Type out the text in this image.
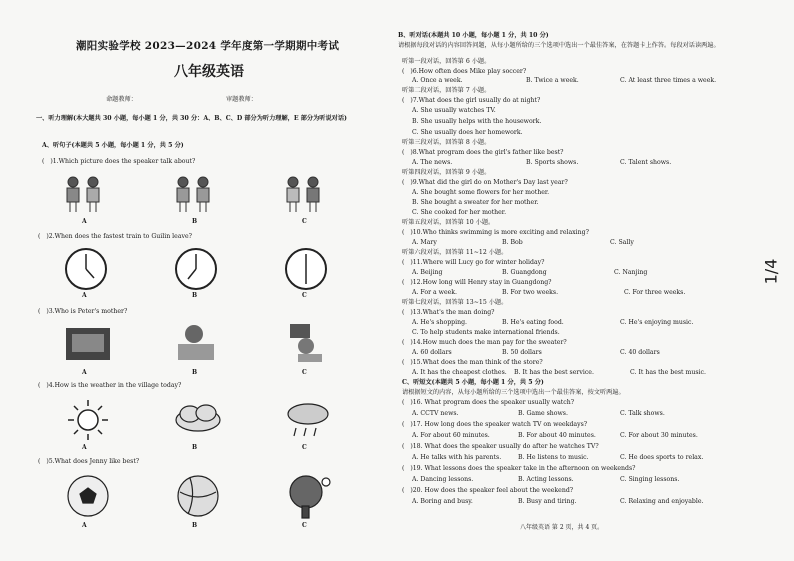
潮阳实验学校 2023—2024 学年度第一学期期中考试
八年级英语
命题教师：	审题教师：
一、听力理解(本大题共 30 小题，每小题 1 分，共 30 分：A、B、C、D 部分为听力理解，E 部分为听说对话)
A、听句子(本题共 5 小题，每小题 1 分，共 5 分)
(   )1.Which picture does the speaker talk about?
A	B	C
(   )2.When does the fastest train to Guilin leave?
A	B	C
(   )3.Who is Peter's mother?
A	B	C
(   )4.How is the weather in the village today?
A	B	C
(   )5.What does Jenny like best?
A	B	C
B、听对话(本题共 10 小题，每小题 1 分，共 10 分)
请根据每段对话的内容回答问题，从每小题所给的三个选项中选出一个最佳答案，在答题卡上作答。每段对话读两遍。
听第一段对话，回答第 6 小题。
(   )6.How often does Mike play soccer?
A. Once a week.	B. Twice a week.	C. At least three times a week.
听第二段对话，回答第 7 小题。
(   )7.What does the girl usually do at night?
A. She usually watches TV.
B. She usually helps with the housework.
C. She usually does her homework.
听第三段对话，回答第 8 小题。
(   )8.What program does the girl's father like best?
A. The news.	B. Sports shows.	C. Talent shows.
听第四段对话，回答第 9 小题。
(   )9.What did the girl do on Mother's Day last year?
A. She bought some flowers for her mother.
B. She bought a sweater for her mother.
C. She cooked for her mother.
听第五段对话，回答第 10 小题。
(   )10.Who thinks swimming is more exciting and relaxing?
A. Mary	B. Bob	C. Sally
听第六段对话，回答第 11~12 小题。
(   )11.Where will Lucy go for winter holiday?
A. Beijing	B. Guangdong	C. Nanjing
(   )12.How long will Henry stay in Guangdong?
A. For a week.	B. For two weeks.	C. For three weeks.
听第七段对话，回答第 13~15 小题。
(   )13.What's the man doing?
A. He's shopping.	B. He's eating food.	C. He's enjoying music.
C. To help students make international friends.
(   )14.How much does the man pay for the sweater?
A. 60 dollars	B. 50 dollars	C. 40 dollars
(   )15.What does the man think of the store?
A. It has the cheapest clothes. B. It has the best service.	C. It has the best music.
C、听短文(本题共 5 小题，每小题 1 分，共 5 分)
请根据短文的内容，从每小题所给的三个选项中选出一个最佳答案，按文听两遍。
(   )16. What program does the speaker usually watch?
A. CCTV news.	B. Game shows.	C. Talk shows.
(   )17. How long does the speaker watch TV on weekdays?
A. For about 60 minutes.	B. For about 40 minutes.	C. For about 30 minutes.
(   )18. What does the speaker usually do after he watches TV?
A. He talks with his parents.	B. He listens to music.	C. He does sports to relax.
(   )19. What lessons does the speaker take in the afternoon on weekends?
A. Dancing lessons.	B. Acting lessons.	C. Singing lessons.
(   )20. How does the speaker feel about the weekend?
A. Boring and busy.	B. Busy and tiring.	C. Relaxing and enjoyable.
八年级英语 第 2 页，共 4 页。
1/4
